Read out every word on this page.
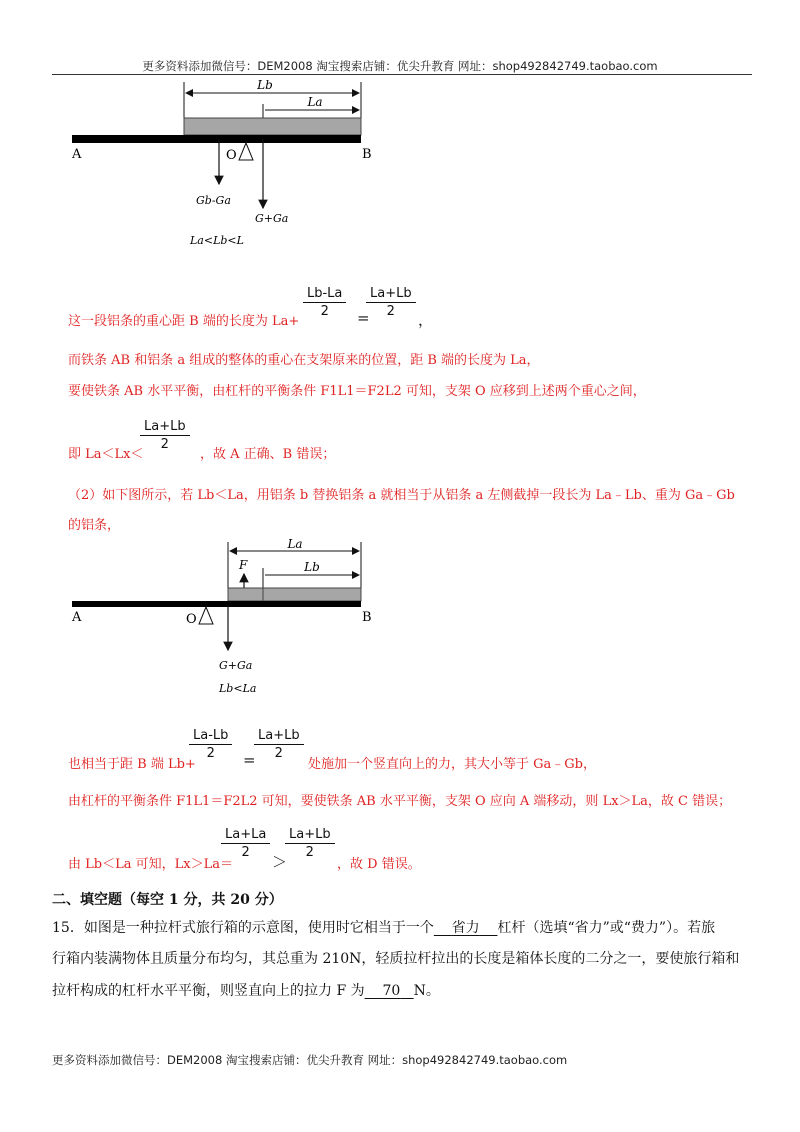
更多资料添加微信号：DEM2008 淘宝搜索店铺：优尖升教育 网址：shop492842749.taobao.com
Lb
La
A	O	B
Gb-Ga
G+Ga
La<Lb<L
这一段铝条的重心距 B 端的长度为 La+
Lb-La
2	=
La+Lb
2	，
而铁条 AB 和铝条 a 组成的整体的重心在支架原来的位置，距 B 端的长度为 La，
要使铁条 AB 水平平衡，由杠杆的平衡条件 F1L1＝F2L2 可知，支架 O 应移到上述两个重心之间，
即 La＜Lx＜
La+Lb
2
，故 A 正确、B 错误；
（2）如下图所示，若 Lb＜La，用铝条 b 替换铝条 a 就相当于从铝条 a 左侧截掉一段长为 La﹣Lb、重为 Ga﹣Gb
的铝条，
La
Lb
F
A	O	B
G+Ga
Lb<La
也相当于距 B 端 Lb+
La-Lb
2	=
La+Lb
2
处施加一个竖直向上的力，其大小等于 Ga﹣Gb，
由杠杆的平衡条件 F1L1＝F2L2 可知，要使铁条 AB 水平平衡，支架 O 应向 A 端移动，则 Lx＞La，故 C 错误；
由 Lb＜La 可知，Lx＞La＝
La+La
2
＞
La+Lb
2
，故 D 错误。
二、填空题（每空 1 分，共 20 分）
15．如图是一种拉杆式旅行箱的示意图，使用时它相当于一个 省力 杠杆（选填“省力”或“费力”）。若旅
行箱内装满物体且质量分布均匀，其总重为 210N，轻质拉杆拉出的长度是箱体长度的二分之一，要使旅行箱和
拉杆构成的杠杆水平平衡，则竖直向上的拉力 F 为 70 N。
更多资料添加微信号：DEM2008 淘宝搜索店铺：优尖升教育 网址：shop492842749.taobao.com
